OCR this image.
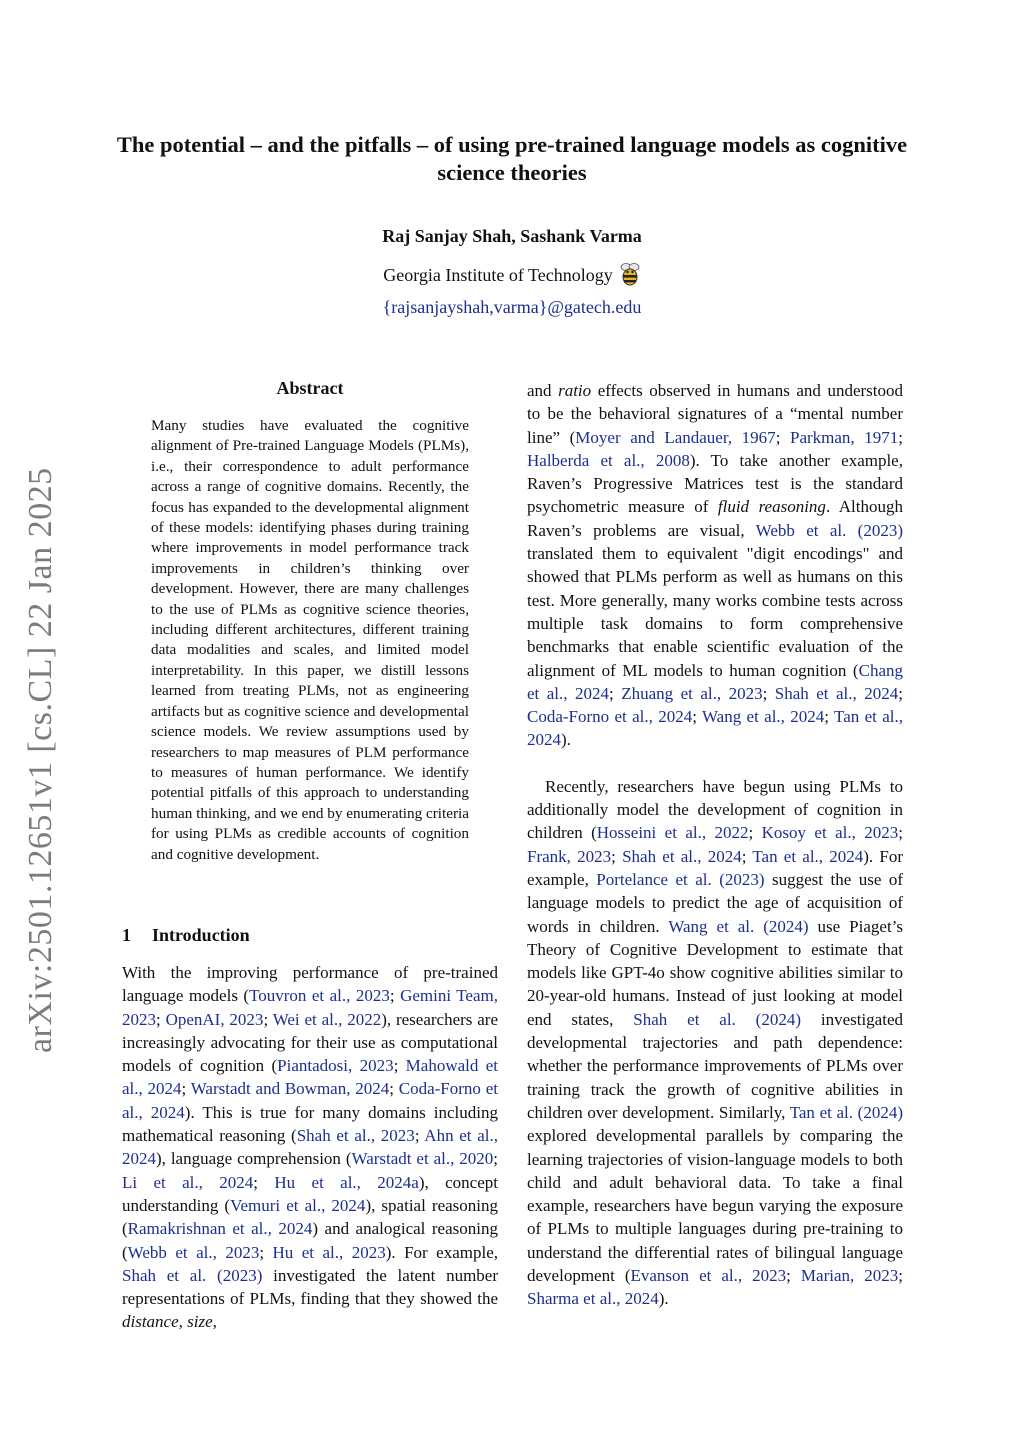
arXiv:2501.12651v1 [cs.CL] 22 Jan 2025
The potential – and the pitfalls – of using pre-trained language models as cognitive science theories
Raj Sanjay Shah, Sashank Varma
Georgia Institute of Technology
{rajsanjayshah,varma}@gatech.edu
Abstract
Many studies have evaluated the cognitive alignment of Pre-trained Language Models (PLMs), i.e., their correspondence to adult performance across a range of cognitive domains. Recently, the focus has expanded to the developmental alignment of these models: identifying phases during training where improvements in model performance track improvements in children’s thinking over development. However, there are many challenges to the use of PLMs as cognitive science theories, including different architectures, different training data modalities and scales, and limited model interpretability. In this paper, we distill lessons learned from treating PLMs, not as engineering artifacts but as cognitive science and developmental science models. We review assumptions used by researchers to map measures of PLM performance to measures of human performance. We identify potential pitfalls of this approach to understanding human thinking, and we end by enumerating criteria for using PLMs as credible accounts of cognition and cognitive development.
1 Introduction

With the improving performance of pre-trained language models (Touvron et al., 2023; Gemini Team, 2023; OpenAI, 2023; Wei et al., 2022), researchers are increasingly advocating for their use as computational models of cognition (Piantadosi, 2023; Mahowald et al., 2024; Warstadt and Bowman, 2024; Coda-Forno et al., 2024). This is true for many domains including mathematical reasoning (Shah et al., 2023; Ahn et al., 2024), language comprehension (Warstadt et al., 2020; Li et al., 2024; Hu et al., 2024a), concept understanding (Vemuri et al., 2024), spatial reasoning (Ramakrishnan et al., 2024) and analogical reasoning (Webb et al., 2023; Hu et al., 2023). For example, Shah et al. (2023) investigated the latent number representations of PLMs, finding that they showed the distance, size,

and ratio effects observed in humans and understood to be the behavioral signatures of a “mental number line” (Moyer and Landauer, 1967; Parkman, 1971; Halberda et al., 2008). To take another example, Raven’s Progressive Matrices test is the standard psychometric measure of fluid reasoning. Although Raven’s problems are visual, Webb et al. (2023) translated them to equivalent "digit encodings" and showed that PLMs perform as well as humans on this test. More generally, many works combine tests across multiple task domains to form comprehensive benchmarks that enable scientific evaluation of the alignment of ML models to human cognition (Chang et al., 2024; Zhuang et al., 2023; Shah et al., 2024; Coda-Forno et al., 2024; Wang et al., 2024; Tan et al., 2024).

Recently, researchers have begun using PLMs to additionally model the development of cognition in children (Hosseini et al., 2022; Kosoy et al., 2023; Frank, 2023; Shah et al., 2024; Tan et al., 2024). For example, Portelance et al. (2023) suggest the use of language models to predict the age of acquisition of words in children. Wang et al. (2024) use Piaget’s Theory of Cognitive Development to estimate that models like GPT-4o show cognitive abilities similar to 20-year-old humans. Instead of just looking at model end states, Shah et al. (2024) investigated developmental trajectories and path dependence: whether the performance improvements of PLMs over training track the growth of cognitive abilities in children over development. Similarly, Tan et al. (2024) explored developmental parallels by comparing the learning trajectories of vision-language models to both child and adult behavioral data. To take a final example, researchers have begun varying the exposure of PLMs to multiple languages during pre-training to understand the differential rates of bilingual language development (Evanson et al., 2023; Marian, 2023; Sharma et al., 2024).
